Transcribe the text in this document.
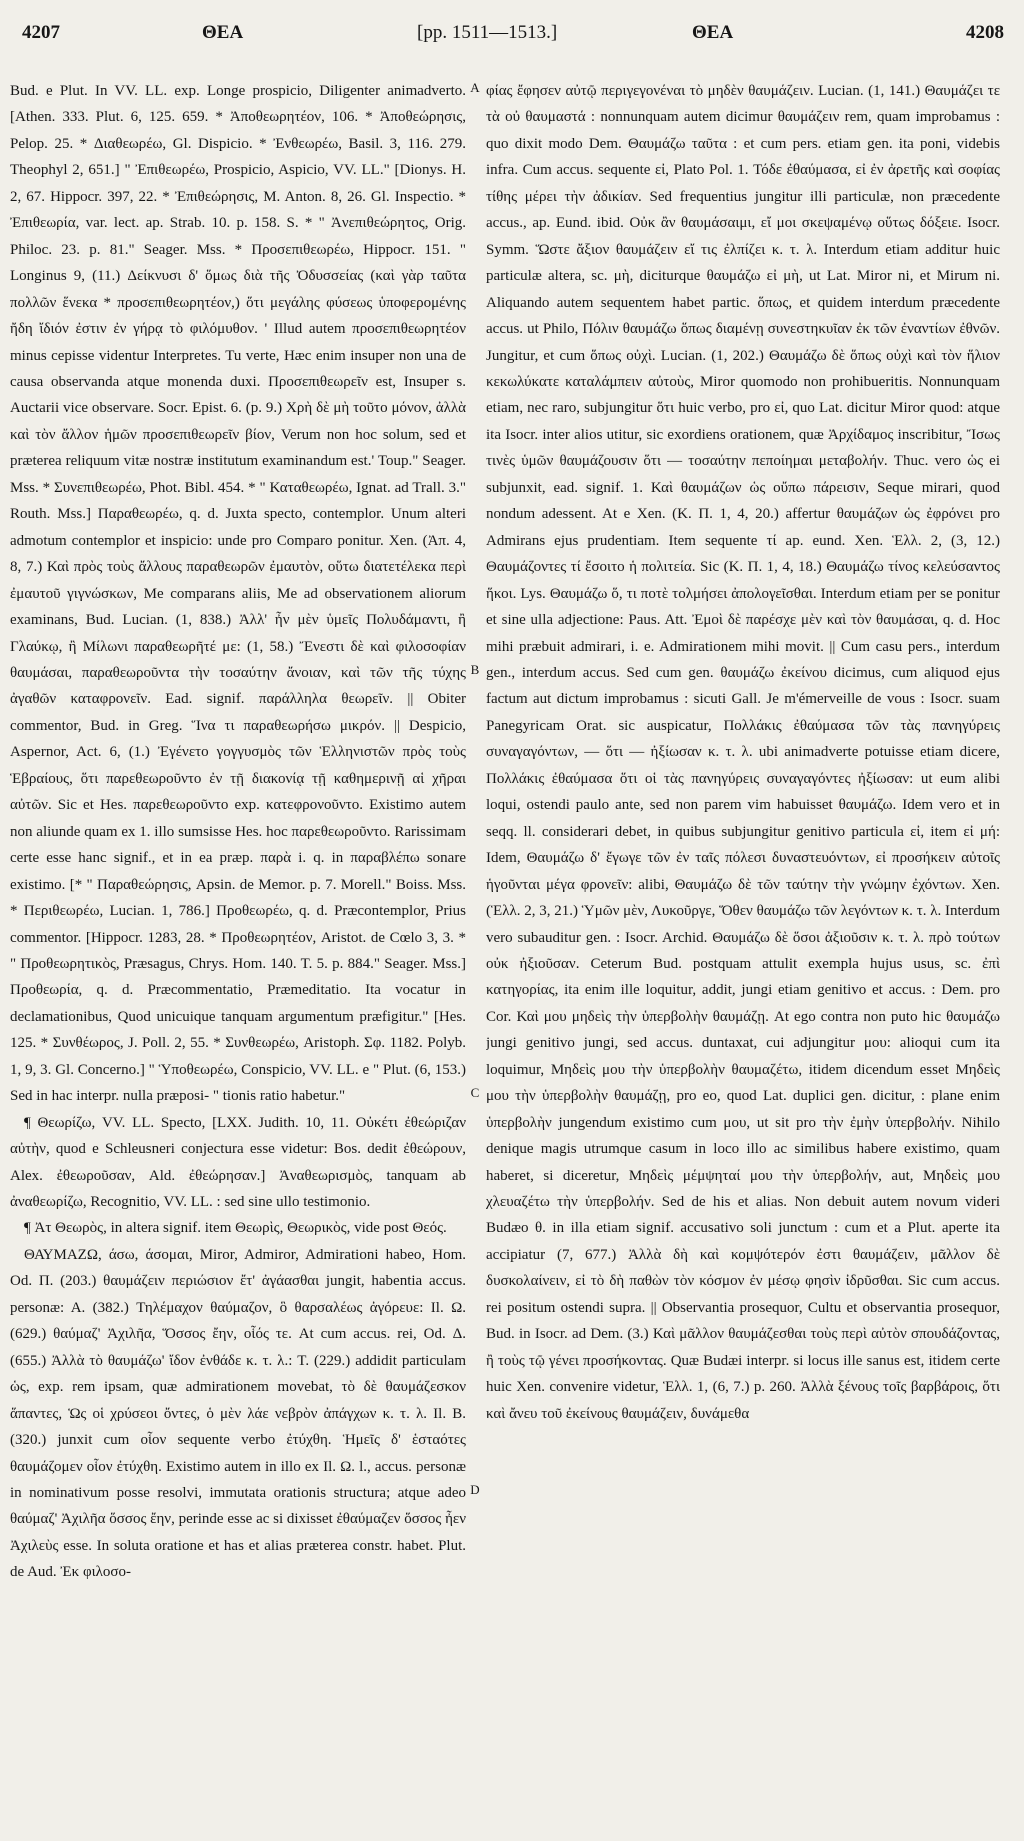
4207	ΘΕΑ	[pp. 1511—1513.]	ΘΕΑ	4208

Bud. e Plut. In VV. LL. exp. Longe prospicio, Diligenter animadverto. [Athen. 333. Plut. 6, 125. 659. * Ἀποθεωρητέον, 106. * Ἀποθεώρησις, Pelop. 25. * Διαθεωρέω, Gl. Dispicio. * Ἐνθεωρέω, Basil. 3, 116. 279. Theophyl 2, 651.] " Ἐπιθεωρέω, Prospicio, Aspicio, VV. LL." [Dionys. H. 2, 67. Hippocr. 397, 22. * Ἐπιθεώρησις, M. Anton. 8, 26. Gl. Inspectio. * Ἐπιθεωρία, var. lect. ap. Strab. 10. p. 158. S. * " Ἀνεπιθεώρητος, Orig. Philoc. 23. p. 81." Seager. Mss. * Προσεπιθεωρέω, Hippocr. 151. " Longinus 9, (11.) Δείκνυσι δ' ὅμως διὰ τῆς Ὀδυσσείας (καὶ γὰρ ταῦτα πολλῶν ἕνεκα * προσεπιθεωρητέον,) ὅτι μεγάλης φύσεως ὑποφερομένης ἤδη ἴδιόν ἐστιν ἐν γήρᾳ τὸ φιλόμυθον. ' Illud autem προσεπιθεωρητέον minus cepisse videntur Interpretes. Tu verte, Hæc enim insuper non una de causa observanda atque monenda duxi. Προσεπιθεωρεῖν est, Insuper s. Auctarii vice observare. Socr. Epist. 6. (p. 9.) Χρὴ δὲ μὴ τοῦτο μόνον, ἀλλὰ καὶ τὸν ἄλλον ἡμῶν προσεπιθεωρεῖν βίον, Verum non hoc solum, sed et præterea reliquum vitæ nostræ institutum examinandum est.' Toup." Seager. Mss. * Συνεπιθεωρέω, Phot. Bibl. 454. * " Καταθεωρέω, Ignat. ad Trall. 3." Routh. Mss.] Παραθεωρέω, q. d. Juxta specto, contemplor. Unum alteri admotum contemplor et inspicio: unde pro Comparo ponitur. Xen. (Ἀπ. 4, 8, 7.) Καὶ πρὸς τοὺς ἄλλους παραθεωρῶν ἐμαυτὸν, οὕτω διατετέλεκα περὶ ἐμαυτοῦ γιγνώσκων, Me comparans aliis, Me ad observationem aliorum examinans, Bud. Lucian. (1, 838.) Ἀλλ' ἦν μὲν ὑμεῖς Πολυδάμαντι, ἢ Γλαύκῳ, ἢ Μίλωνι παραθεωρῆτέ με: (1, 58.) Ἔνεστι δὲ καὶ φιλοσοφίαν θαυμάσαι, παραθεωροῦντα τὴν τοσαύτην ἄνοιαν, καὶ τῶν τῆς τύχης ἀγαθῶν καταφρονεῖν. Ead. signif. παράλληλα θεωρεῖν. || Obiter commentor, Bud. in Greg. Ἵνα τι παραθεωρήσω μικρόν. || Despicio, Aspernor, Act. 6, (1.) Ἐγένετο γογγυσμὸς τῶν Ἑλληνιστῶν πρὸς τοὺς Ἑβραίους, ὅτι παρεθεωροῦντο ἐν τῇ διακονίᾳ τῇ καθημερινῇ αἱ χῆραι αὐτῶν. Sic et Hes. παρεθεωροῦντο exp. κατεφρονοῦντο. Existimo autem non aliunde quam ex 1. illo sumsisse Hes. hoc παρεθεωροῦντο. Rarissimam certe esse hanc signif., et in ea præp. παρὰ i. q. in παραβλέπω sonare existimo. [* " Παραθεώρησις, Apsin. de Memor. p. 7. Morell." Boiss. Mss. * Περιθεωρέω, Lucian. 1, 786.] Προθεωρέω, q. d. Præcontemplor, Prius commentor. [Hippocr. 1283, 28. * Προθεωρητέον, Aristot. de Cœlo 3, 3. * " Προθεωρητικὸς, Præsagus, Chrys. Hom. 140. T. 5. p. 884." Seager. Mss.] Προθεωρία, q. d. Præcommentatio, Præmeditatio. Ita vocatur in declamationibus, Quod unicuique tanquam argumentum præfigitur." [Hes. 125. * Συνθέωρος, J. Poll. 2, 55. * Συνθεωρέω, Aristoph. Σφ. 1182. Polyb. 1, 9, 3. Gl. Concerno.] " Ὑποθεωρέω, Conspicio, VV. LL. e " Plut. (6, 153.) Sed in hac interpr. nulla præposi- " tionis ratio habetur."

¶ Θεωρίζω, VV. LL. Specto, [LXX. Judith. 10, 11. Οὐκέτι ἐθεώριζαν αὐτὴν, quod e Schleusneri conjectura esse videtur: Bos. dedit ἐθεώρουν, Alex. ἐθεωροῦσαν, Ald. ἐθεώρησαν.] Ἀναθεωρισμὸς, tanquam ab ἀναθεωρίζω, Recognitio, VV. LL. : sed sine ullo testimonio.

¶ Ἀτ Θεωρὸς, in altera signif. item Θεωρὶς, Θεωρικὸς, vide post Θεός.

ΘΑΥΜΑΖΩ, άσω, άσομαι, Miror, Admiror, Admirationi habeo, Hom. Od. Π. (203.) θαυμάζειν περιώσιον ἔτ' ἀγάασθαι jungit, habentia accus. personæ: A. (382.) Τηλέμαχον θαύμαζον, ὃ θαρσαλέως ἀγόρευε: Il. Ω. (629.) θαύμαζ' Ἀχιλῆα, Ὅσσος ἔην, οἷός τε. At cum accus. rei, Od. Δ. (655.) Ἀλλὰ τὸ θαυμάζω' ἴδον ἐνθάδε κ. τ. λ.: T. (229.) addidit particulam ὡς, exp. rem ipsam, quæ admirationem movebat, τὸ δὲ θαυμάζεσκον ἅπαντες, Ὡς οἱ χρύσεοι ὄντες, ὁ μὲν λάε νεβρὸν ἀπάγχων κ. τ. λ. Il. B. (320.) junxit cum οἷον sequente verbo ἐτύχθη. Ἡμεῖς δ' ἑσταότες θαυμάζομεν οἷον ἐτύχθη. Existimo autem in illo ex Il. Ω. l., accus. personæ in nominativum posse resolvi, immutata orationis structura; atque adeo θαύμαζ' Ἀχιλῆα ὅσσος ἔην, perinde esse ac si dixisset ἐθαύμαζεν ὅσσος ἦεν Ἀχιλεὺς esse. In soluta oratione et has et alias præterea constr. habet. Plut. de Aud. Ἐκ φιλοσο-

A
B
C
D

φίας ἔφησεν αὐτῷ περιγεγονέναι τὸ μηδὲν θαυμάζειν. Lucian. (1, 141.) Θαυμάζει τε τὰ οὐ θαυμαστά : nonnunquam autem dicimur θαυμάζειν rem, quam improbamus : quo dixit modo Dem. Θαυμάζω ταῦτα : et cum pers. etiam gen. ita poni, videbis infra. Cum accus. sequente εἰ, Plato Pol. 1. Τόδε ἐθαύμασα, εἰ ἐν ἀρετῆς καὶ σοφίας τίθης μέρει τὴν ἀδικίαν. Sed frequentius jungitur illi particulæ, non præcedente accus., ap. Eund. ibid. Οὐκ ἂν θαυμάσαιμι, εἴ μοι σκεψαμένῳ οὕτως δόξειε. Isocr. Symm. Ὥστε ἄξιον θαυμάζειν εἴ τις ἐλπίζει κ. τ. λ. Interdum etiam additur huic particulæ altera, sc. μὴ, diciturque θαυμάζω εἰ μὴ, ut Lat. Miror ni, et Mirum ni. Aliquando autem sequentem habet partic. ὅπως, et quidem interdum præcedente accus. ut Philo, Πόλιν θαυμάζω ὅπως διαμένῃ συνεστηκυῖαν ἐκ τῶν ἐναντίων ἐθνῶν. Jungitur, et cum ὅπως οὐχὶ. Lucian. (1, 202.) Θαυμάζω δὲ ὅπως οὐχὶ καὶ τὸν ἥλιον κεκωλύκατε καταλάμπειν αὐτοὺς, Miror quomodo non prohibueritis. Nonnunquam etiam, nec raro, subjungitur ὅτι huic verbo, pro εἰ, quo Lat. dicitur Miror quod: atque ita Isocr. inter alios utitur, sic exordiens orationem, quæ Ἀρχίδαμος inscribitur, Ἴσως τινὲς ὑμῶν θαυμάζουσιν ὅτι — τοσαύτην πεποίημαι μεταβολήν. Thuc. vero ὡς ei subjunxit, ead. signif. 1. Καὶ θαυμάζων ὡς οὔπω πάρεισιν, Seque mirari, quod nondum adessent. At e Xen. (Κ. Π. 1, 4, 20.) affertur θαυμάζων ὡς ἐφρόνει pro Admirans ejus prudentiam. Item sequente τί ap. eund. Xen. Ἑλλ. 2, (3, 12.) Θαυμάζοντες τί ἔσοιτο ἡ πολιτεία. Sic (Κ. Π. 1, 4, 18.) Θαυμάζω τίνος κελεύσαντος ἥκοι. Lys. Θαυμάζω ὅ, τι ποτὲ τολμήσει ἀπολογεῖσθαι. Interdum etiam per se ponitur et sine ulla adjectione: Paus. Att. Ἐμοὶ δὲ παρέσχε μὲν καὶ τὸν θαυμάσαι, q. d. Hoc mihi præbuit admirari, i. e. Admirationem mihi movit. || Cum casu pers., interdum gen., interdum accus. Sed cum gen. θαυμάζω ἐκείνου dicimus, cum aliquod ejus factum aut dictum improbamus : sicuti Gall. Je m'émerveille de vous : Isocr. suam Panegyricam Orat. sic auspicatur, Πολλάκις ἐθαύμασα τῶν τὰς πανηγύρεις συναγαγόντων, — ὅτι — ἠξίωσαν κ. τ. λ. ubi animadverte potuisse etiam dicere, Πολλάκις ἐθαύμασα ὅτι οἱ τὰς πανηγύρεις συναγαγόντες ἠξίωσαν: ut eum alibi loqui, ostendi paulo ante, sed non parem vim habuisset θαυμάζω. Idem vero et in seqq. ll. considerari debet, in quibus subjungitur genitivo particula εἰ, item εἰ μή: Idem, Θαυμάζω δ' ἔγωγε τῶν ἐν ταῖς πόλεσι δυναστευόντων, εἰ προσήκειν αὐτοῖς ἡγοῦνται μέγα φρονεῖν: alibi, Θαυμάζω δὲ τῶν ταύτην τὴν γνώμην ἐχόντων. Xen. (Ἑλλ. 2, 3, 21.) Ὑμῶν μὲν, Λυκοῦργε, Ὅθεν θαυμάζω τῶν λεγόντων κ. τ. λ. Interdum vero subauditur gen. : Isocr. Archid. Θαυμάζω δὲ ὅσοι ἀξιοῦσιν κ. τ. λ. πρὸ τούτων οὐκ ἠξιοῦσαν. Ceterum Bud. postquam attulit exempla hujus usus, sc. ἐπὶ κατηγορίας, ita enim ille loquitur, addit, jungi etiam genitivo et accus. : Dem. pro Cor. Καὶ μου μηδεὶς τὴν ὑπερβολὴν θαυμάζῃ. At ego contra non puto hic θαυμάζω jungi genitivo jungi, sed accus. duntaxat, cui adjungitur μου: alioqui cum ita loquimur, Μηδεὶς μου τὴν ὑπερβολὴν θαυμαζέτω, itidem dicendum esset Μηδεὶς μου τὴν ὑπερβολὴν θαυμάζῃ, pro eo, quod Lat. duplici gen. dicitur, : plane enim ὑπερβολὴν jungendum existimo cum μου, ut sit pro τὴν ἐμὴν ὑπερβολήν. Nihilo denique magis utrumque casum in loco illo ac similibus habere existimo, quam haberet, si diceretur, Μηδεὶς μέμψηταί μου τὴν ὑπερβολήν, aut, Μηδεὶς μου χλευαζέτω τὴν ὑπερβολήν. Sed de his et alias. Non debuit autem novum videri Budæo θ. in illa etiam signif. accusativo soli junctum : cum et a Plut. aperte ita accipiatur (7, 677.) Ἀλλὰ δὴ καὶ κομψότερόν ἐστι θαυμάζειν, μᾶλλον δὲ δυσκολαίνειν, εἰ τὸ δὴ παθὼν τὸν κόσμον ἐν μέσῳ φησὶν ἰδρῦσθαι. Sic cum accus. rei positum ostendi supra. || Observantia prosequor, Cultu et observantia prosequor, Bud. in Isocr. ad Dem. (3.) Καὶ μᾶλλον θαυμάζεσθαι τοὺς περὶ αὐτὸν σπουδάζοντας, ἢ τοὺς τῷ γένει προσήκοντας. Quæ Budæi interpr. si locus ille sanus est, itidem certe huic Xen. convenire videtur, Ἑλλ. 1, (6, 7.) p. 260. Ἀλλὰ ξένους τοῖς βαρβάροις, ὅτι καὶ ἄνευ τοῦ ἐκείνους θαυμάζειν, δυνάμεθα
